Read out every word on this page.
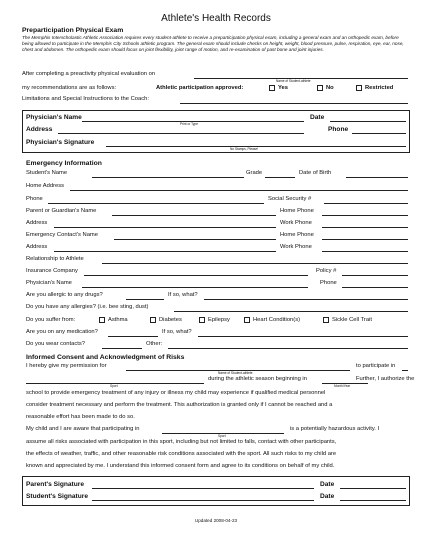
Athlete's Health Records
Preparticipation Physical Exam
The Memphis Interscholastic Athletic Association requires every student-athlete to receive a preparticipation physical exam, including a general exam and an orthopedic exam, before being allowed to participate in the Memphis City Schools athletic program. The general exam should include checks on height, weight, blood pressure, pulse, respiration, eye, ear, nose, chest and abdomen. The orthopedic exam should focus on joint flexibility, joint range of motion, and re-examination of past bone and joint injuries.
After completing a preactivity physical evaluation on
Name of Student-athlete
my recommendations are as follows:	Athletic participation approved:	Yes	No	Restricted
Limitations and Special Instructions to the Coach:
Physician's Name
Print or Type
Date
Address	Phone
Physician's Signature
No Stamps, Please!
Emergency Information
Student's Name	Grade	Date of Birth
Home Address
Phone	Social Security #
Parent or Guardian's Name	Home Phone
Address	Work Phone
Emergency Contact's Name	Home Phone
Address	Work Phone
Relationship to Athlete
Insurance Company	Policy #
Physician's Name	Phone
Are you allergic to any drugs?	If so, what?
Do you have any allergies? (i.e. bee sting, dust)
Do you suffer from:	Asthma	Diabetes	Epilepsy	Heart Condition(s)	Sickle Cell Trait
Are you on any medication?	If so, what?
Do you wear contacts?	Other:
Informed Consent and Acknowledgment of Risks
I hereby give my permission for
Name of Student-athlete
to participate in
Sport
during the athletic season beginning in
Month/Year
Further, I authorize the
school to provide emergency treatment of any injury or illness my child may experience if qualified medical personnel
consider treatment necessary and perform the treatment. This authorization is granted only if I cannot be reached and a
reasonable effort has been made to do so.
My child and I are aware that participating in
Sport
is a potentially hazardous activity. I
assume all risks associated with participation in this sport, including but not limited to falls, contact with other participants,
the effects of weather, traffic, and other reasonable risk conditions associated with the sport. All such risks to my child are
known and appreciated by me. I understand this informed consent form and agree to its conditions on behalf of my child.
Parent's Signature	Date
Student's Signature	Date
Updated 2008-04-23
